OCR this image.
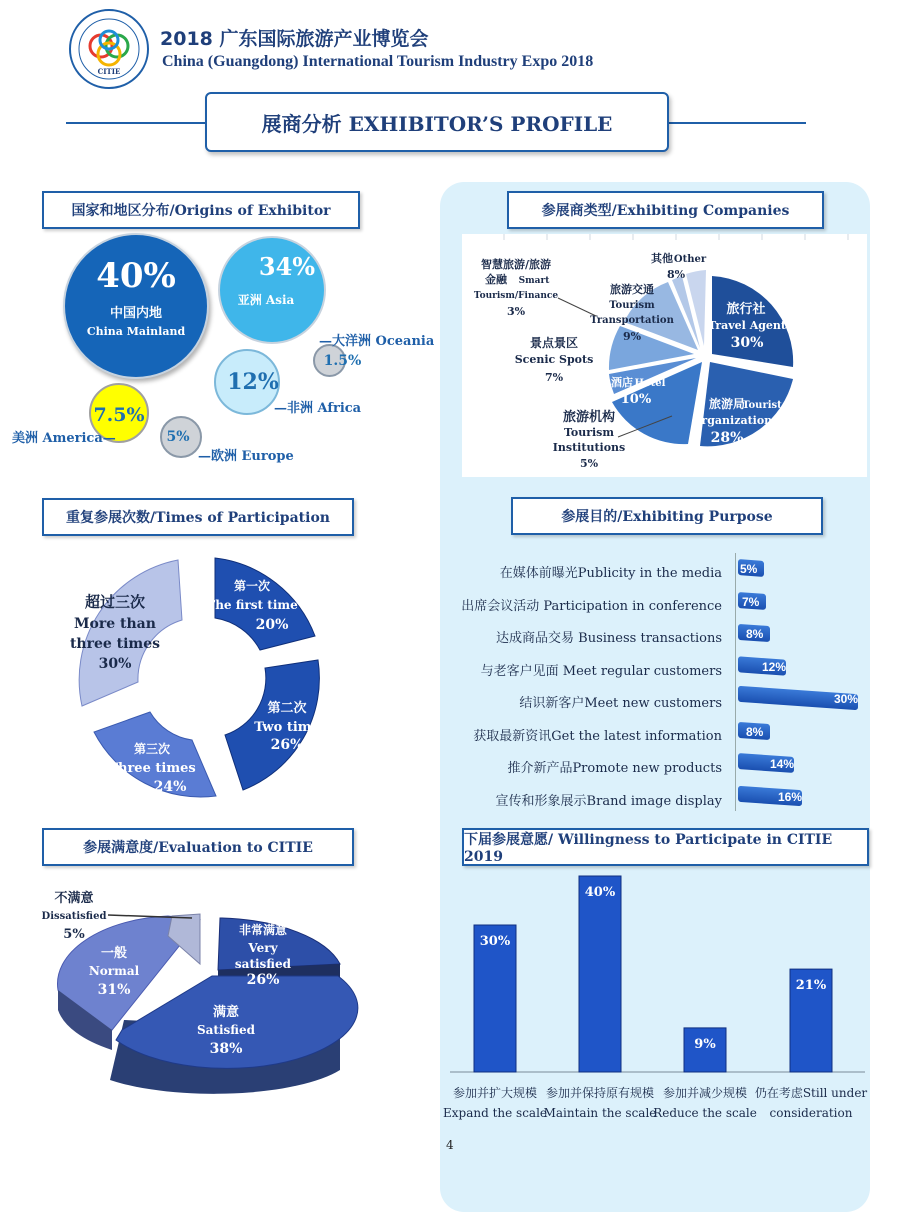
CITIE
2018 广东国际旅游产业博览会
China (Guangdong) International Tourism Industry Expo 2018
展商分析 EXHIBITOR’S PROFILE
国家和地区分布/Origins of Exhibitor
40%
中国内地
China Mainland
34%
亚洲 Asia
12%
—非洲 Africa
7.5%
美洲 America—	5%
—欧洲 Europe
1.5%
—大洋洲 Oceania
参展商类型/Exhibiting Companies
旅行社
Travel Agent
30%
旅游局
Tourist
Organization
28%
酒店 Hotel
10%
旅游机构
Tourism
Institutions
5%
景点景区
Scenic Spots
7%
旅游交通
Tourism
Transportation
9%
智慧旅游/旅游
金融 Smart
Tourism/Finance
3%
其他 Other
8%
重复参展次数/Times of Participation
第一次
The first time
20%
第二次
Two time
26%
第三次
Three times
24%
超过三次
More than
three times
30%
参展目的/Exhibiting Purpose
在媒体前曝光Publicity in the media 5%
出席会议活动 Participation in conference 7%
达成商品交易 Business transactions 8%
与老客户见面 Meet regular customers	12%
结识新客户Meet new customers	30%
获取最新资讯Get the latest information 8%
推介新产品Promote new products	14%
宣传和形象展示Brand image display	16%
参展满意度/Evaluation to CITIE
不满意
Dissatisfied
5%
一般
Normal
31%
非常满意
Very
satisfied
26%
满意
Satisfied
38%
下届参展意愿/ Willingness to Participate in CITIE 2019
30%
参加并扩大规模
Expand the scale
40%
参加并保持原有规模
Maintain the scale
9%
参加并减少规模
Reduce the scale
21%
仍在考虑Still under
consideration
4
